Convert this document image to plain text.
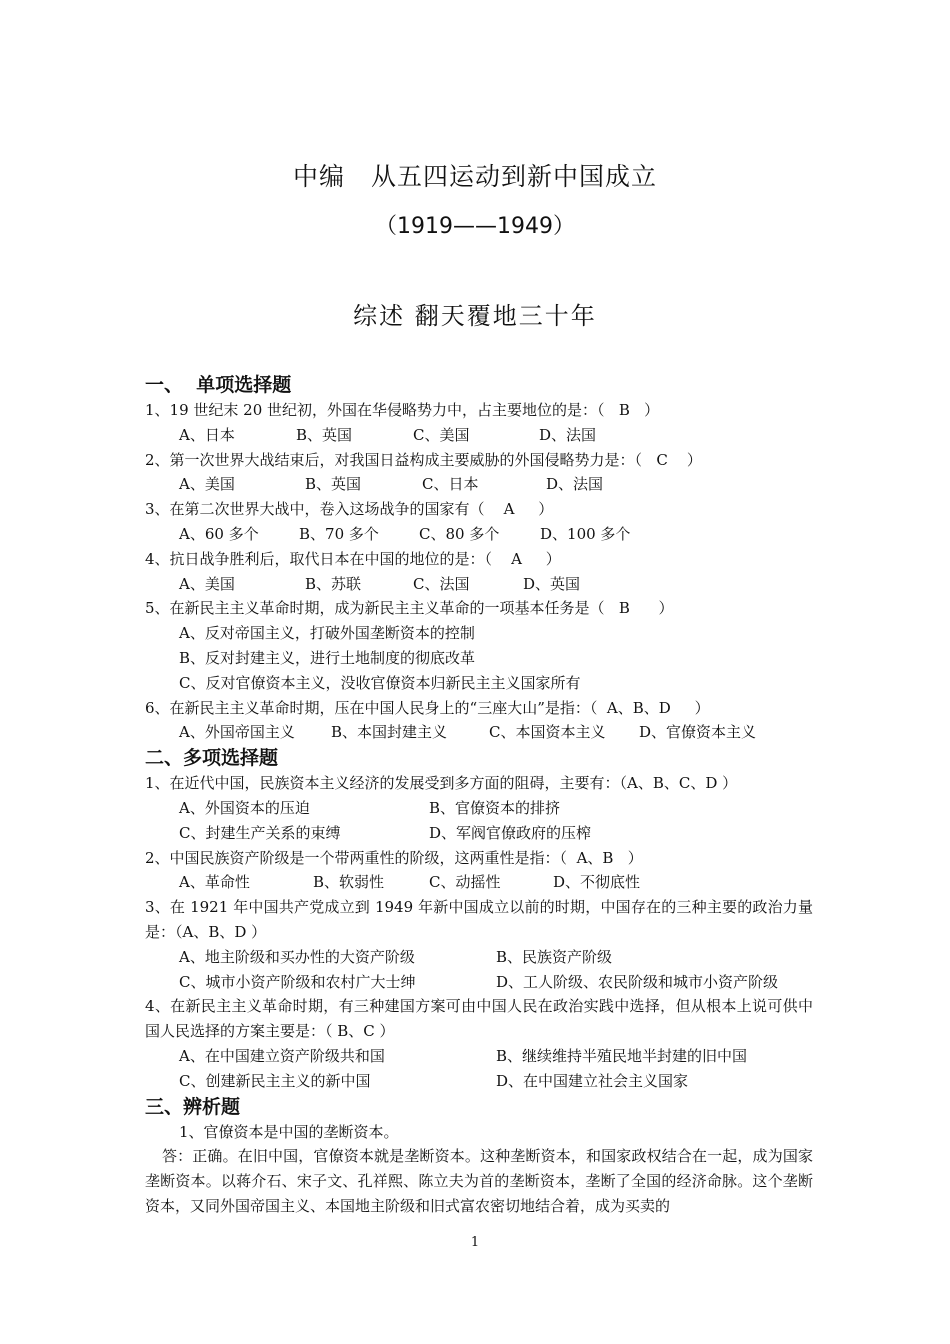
中编　从五四运动到新中国成立
（1919——1949）
综述 翻天覆地三十年
一、  单项选择题
1、19 世纪末 20 世纪初，外国在华侵略势力中，占主要地位的是：（   B   ）
A、日本	B、英国	C、美国	D、法国
2、第一次世界大战结束后，对我国日益构成主要威胁的外国侵略势力是：（   C    ）
A、美国	B、英国	C、日本	D、法国
3、在第二次世界大战中，卷入这场战争的国家有（    A     ）
A、60 多个	B、70 多个	C、80 多个	D、100 多个
4、抗日战争胜利后，取代日本在中国的地位的是：（    A     ）
A、美国	B、苏联	C、法国	D、英国
5、在新民主主义革命时期，成为新民主主义革命的一项基本任务是（   B      ）
A、反对帝国主义，打破外国垄断资本的控制
B、反对封建主义，进行土地制度的彻底改革
C、反对官僚资本主义，没收官僚资本归新民主主义国家所有
6、在新民主主义革命时期，压在中国人民身上的“三座大山”是指：（  A、B、D     ）
A、外国帝国主义	B、本国封建主义	C、本国资本主义	D、官僚资本主义
二、多项选择题
1、在近代中国，民族资本主义经济的发展受到多方面的阻碍，主要有：（A、B、C、D ）
A、外国资本的压迫	B、官僚资本的排挤
C、封建生产关系的束缚	D、军阀官僚政府的压榨
2、中国民族资产阶级是一个带两重性的阶级，这两重性是指：（  A、B   ）
A、革命性	B、软弱性	C、动摇性	D、不彻底性
3、在 1921 年中国共产党成立到 1949 年新中国成立以前的时期，中国存在的三种主要的政治力量是：（A、B、D ）
A、地主阶级和买办性的大资产阶级	B、民族资产阶级
C、城市小资产阶级和农村广大士绅	D、工人阶级、农民阶级和城市小资产阶级
4、在新民主主义革命时期，有三种建国方案可由中国人民在政治实践中选择，但从根本上说可供中国人民选择的方案主要是：（ B、C ）
A、在中国建立资产阶级共和国	B、继续维持半殖民地半封建的旧中国
C、创建新民主主义的新中国	D、在中国建立社会主义国家
三、辨析题
1、官僚资本是中国的垄断资本。
答：正确。在旧中国，官僚资本就是垄断资本。这种垄断资本，和国家政权结合在一起，成为国家垄断资本。以蒋介石、宋子文、孔祥熙、陈立夫为首的垄断资本，垄断了全国的经济命脉。这个垄断资本，又同外国帝国主义、本国地主阶级和旧式富农密切地结合着，成为买卖的
1
